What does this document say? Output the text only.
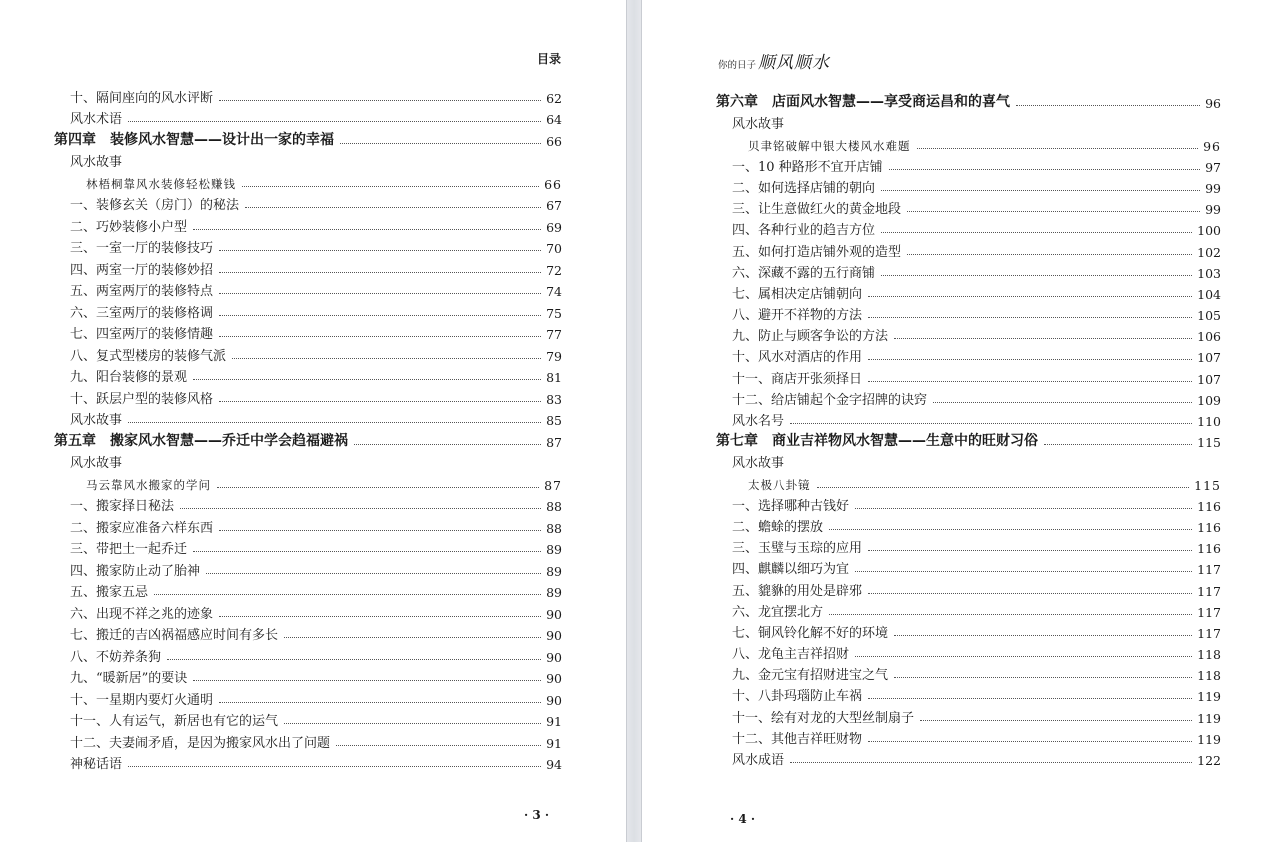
目录
十、隔间座向的风水评断	62
风水术语	64
第四章　装修风水智慧——设计出一家的幸福	66
风水故事
林梧桐靠风水装修轻松赚钱	66
一、装修玄关（房门）的秘法	67
二、巧妙装修小户型	69
三、一室一厅的装修技巧	70
四、两室一厅的装修妙招	72
五、两室两厅的装修特点	74
六、三室两厅的装修格调	75
七、四室两厅的装修情趣	77
八、复式型楼房的装修气派	79
九、阳台装修的景观	81
十、跃层户型的装修风格	83
风水故事	85
第五章　搬家风水智慧——乔迁中学会趋福避祸	87
风水故事
马云靠风水搬家的学问	87
一、搬家择日秘法	88
二、搬家应准备六样东西	88
三、带把土一起乔迁	89
四、搬家防止动了胎神	89
五、搬家五忌	89
六、出现不祥之兆的迹象	90
七、搬迁的吉凶祸福感应时间有多长	90
八、不妨养条狗	90
九、“暖新居”的要诀	90
十、一星期内要灯火通明	90
十一、人有运气，新居也有它的运气	91
十二、夫妻闹矛盾，是因为搬家风水出了问题	91
神秘话语	94
· 3 ·
你的日子 顺风顺水
第六章　店面风水智慧——享受商运昌和的喜气	96
风水故事
贝聿铭破解中银大楼风水难题	96
一、10 种路形不宜开店铺	97
二、如何选择店铺的朝向	99
三、让生意做红火的黄金地段	99
四、各种行业的趋吉方位	100
五、如何打造店铺外观的造型	102
六、深藏不露的五行商铺	103
七、属相决定店铺朝向	104
八、避开不祥物的方法	105
九、防止与顾客争讼的方法	106
十、风水对酒店的作用	107
十一、商店开张须择日	107
十二、给店铺起个金字招牌的诀窍	109
风水名号	110
第七章　商业吉祥物风水智慧——生意中的旺财习俗	115
风水故事
太极八卦镜	115
一、选择哪种古钱好	116
二、蟾蜍的摆放	116
三、玉璧与玉琮的应用	116
四、麒麟以细巧为宜	117
五、貔貅的用处是辟邪	117
六、龙宜摆北方	117
七、铜风铃化解不好的环境	117
八、龙龟主吉祥招财	118
九、金元宝有招财进宝之气	118
十、八卦玛瑙防止车祸	119
十一、绘有对龙的大型丝制扇子	119
十二、其他吉祥旺财物	119
风水成语	122
· 4 ·
